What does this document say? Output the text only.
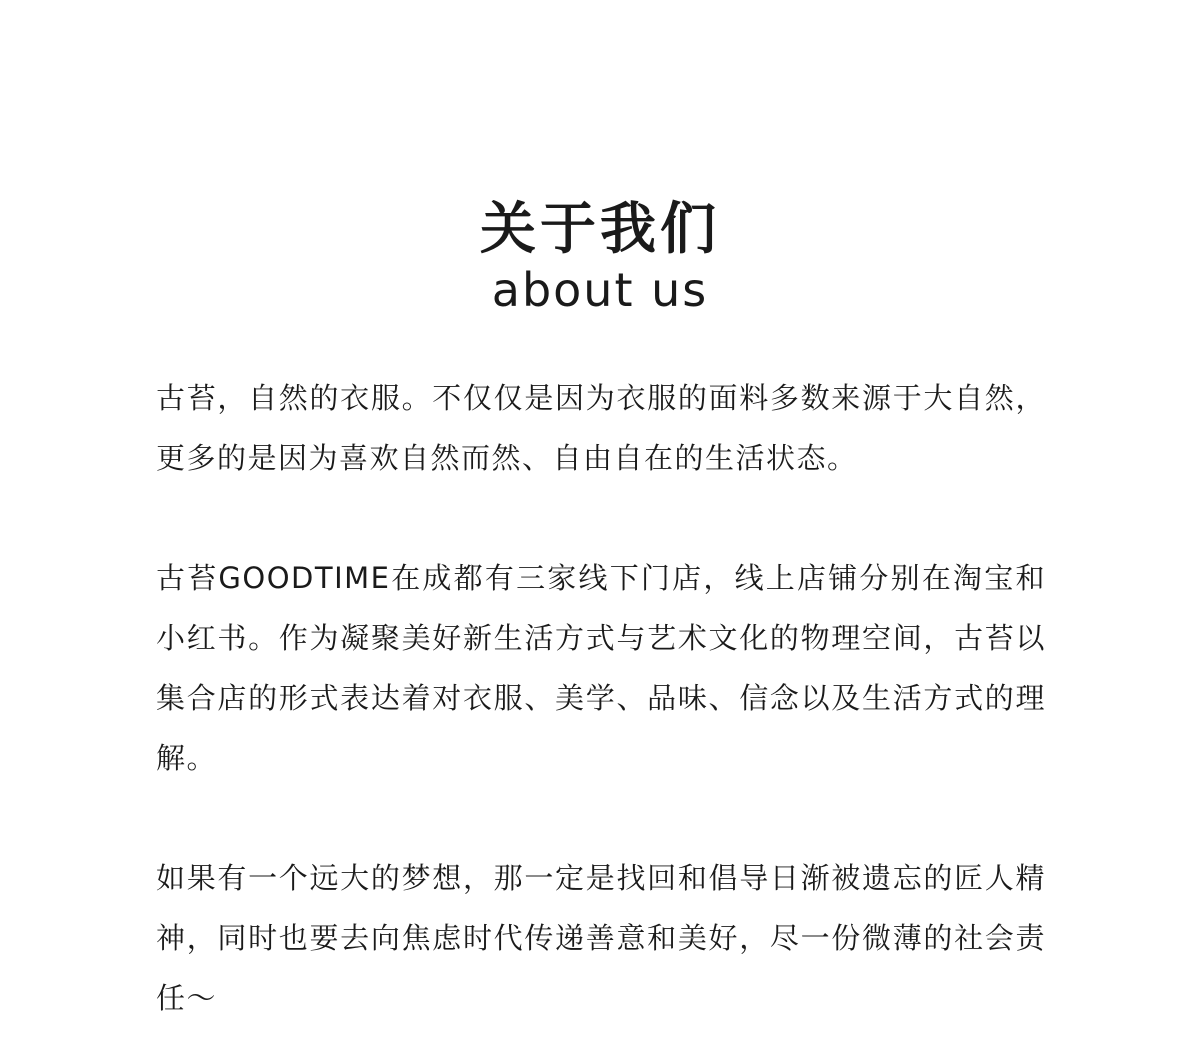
关于我们
about us

古苔，自然的衣服。不仅仅是因为衣服的面料多数来源于大自然，更多的是因为喜欢自然而然、自由自在的生活状态。

古苔GOODTIME在成都有三家线下门店，线上店铺分别在淘宝和小红书。作为凝聚美好新生活方式与艺术文化的物理空间，古苔以集合店的形式表达着对衣服、美学、品味、信念以及生活方式的理解。

如果有一个远大的梦想，那一定是找回和倡导日渐被遗忘的匠人精神，同时也要去向焦虑时代传递善意和美好，尽一份微薄的社会责任～
